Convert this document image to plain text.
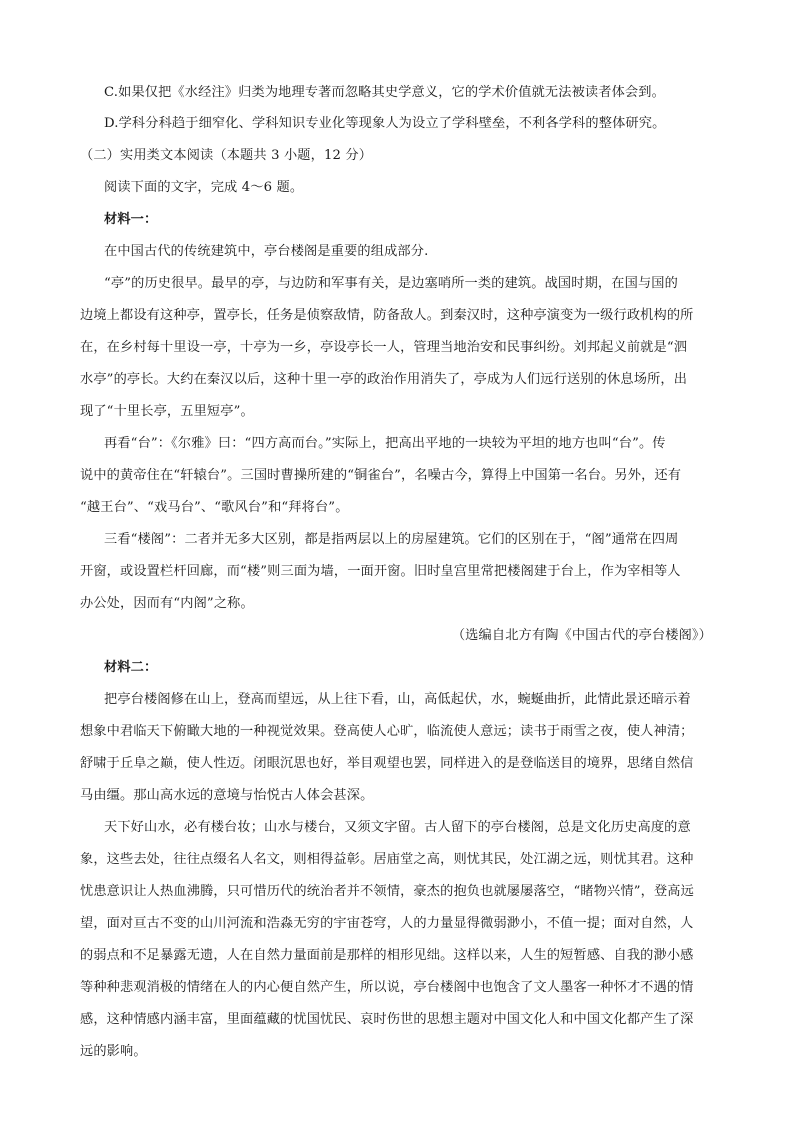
C.如果仅把《水经注》归类为地理专著而忽略其史学意义，它的学术价值就无法被读者体会到。
D.学科分科趋于细窄化、学科知识专业化等现象人为设立了学科壁垒，不利各学科的整体研究。
（二）实用类文本阅读（本题共 3 小题，12 分）
阅读下面的文字，完成 4～6 题。
材料一：
在中国古代的传统建筑中，亭台楼阁是重要的组成部分.
“亭”的历史很早。最早的亭，与边防和军事有关，是边塞哨所一类的建筑。战国时期，在国与国的
边境上都设有这种亭，置亭长，任务是侦察敌情，防备敌人。到秦汉时，这种亭演变为一级行政机构的所
在，在乡村每十里设一亭，十亭为一乡，亭设亭长一人，管理当地治安和民事纠纷。刘邦起义前就是“泗
水亭”的亭长。大约在秦汉以后，这种十里一亭的政治作用消失了，亭成为人们远行送别的休息场所，出
现了“十里长亭，五里短亭”。
再看“台”：《尔雅》曰：“四方高而台。”实际上，把高出平地的一块较为平坦的地方也叫“台”。传
说中的黄帝住在“轩辕台”。三国时曹操所建的“铜雀台”，名噪古今，算得上中国第一名台。另外，还有
“越王台”、“戏马台”、“歌风台”和“拜将台”。
三看“楼阁”：二者并无多大区别，都是指两层以上的房屋建筑。它们的区别在于，“阁”通常在四周
开窗，或设置栏杆回廊，而“楼”则三面为墙，一面开窗。旧时皇宫里常把楼阁建于台上，作为宰相等人
办公处，因而有“内阁”之称。
（选编自北方有陶《中国古代的亭台楼阁》）
材料二：
把亭台楼阁修在山上，登高而望远，从上往下看，山，高低起伏，水，蜿蜒曲折，此情此景还暗示着
想象中君临天下俯瞰大地的一种视觉效果。登高使人心旷，临流使人意远；读书于雨雪之夜，使人神清；
舒啸于丘阜之巅，使人性迈。闭眼沉思也好，举目观望也罢，同样进入的是登临送目的境界，思绪自然信
马由缰。那山高水远的意境与怡悦古人体会甚深。
天下好山水，必有楼台妆；山水与楼台，又须文字留。古人留下的亭台楼阁，总是文化历史高度的意
象，这些去处，往往点缀名人名文，则相得益彰。居庙堂之高，则忧其民，处江湖之远，则忧其君。这种
忧患意识让人热血沸腾，只可惜历代的统治者并不领情，豪杰的抱负也就屡屡落空，“睹物兴情”，登高远
望，面对亘古不变的山川河流和浩淼无穷的宇宙苍穹，人的力量显得微弱渺小，不值一提；面对自然，人
的弱点和不足暴露无遗，人在自然力量面前是那样的相形见绌。这样以来，人生的短暂感、自我的渺小感
等种种悲观消极的情绪在人的内心便自然产生，所以说，亭台楼阁中也饱含了文人墨客一种怀才不遇的情
感，这种情感内涵丰富，里面蕴藏的忧国忧民、哀时伤世的思想主题对中国文化人和中国文化都产生了深
远的影响。
